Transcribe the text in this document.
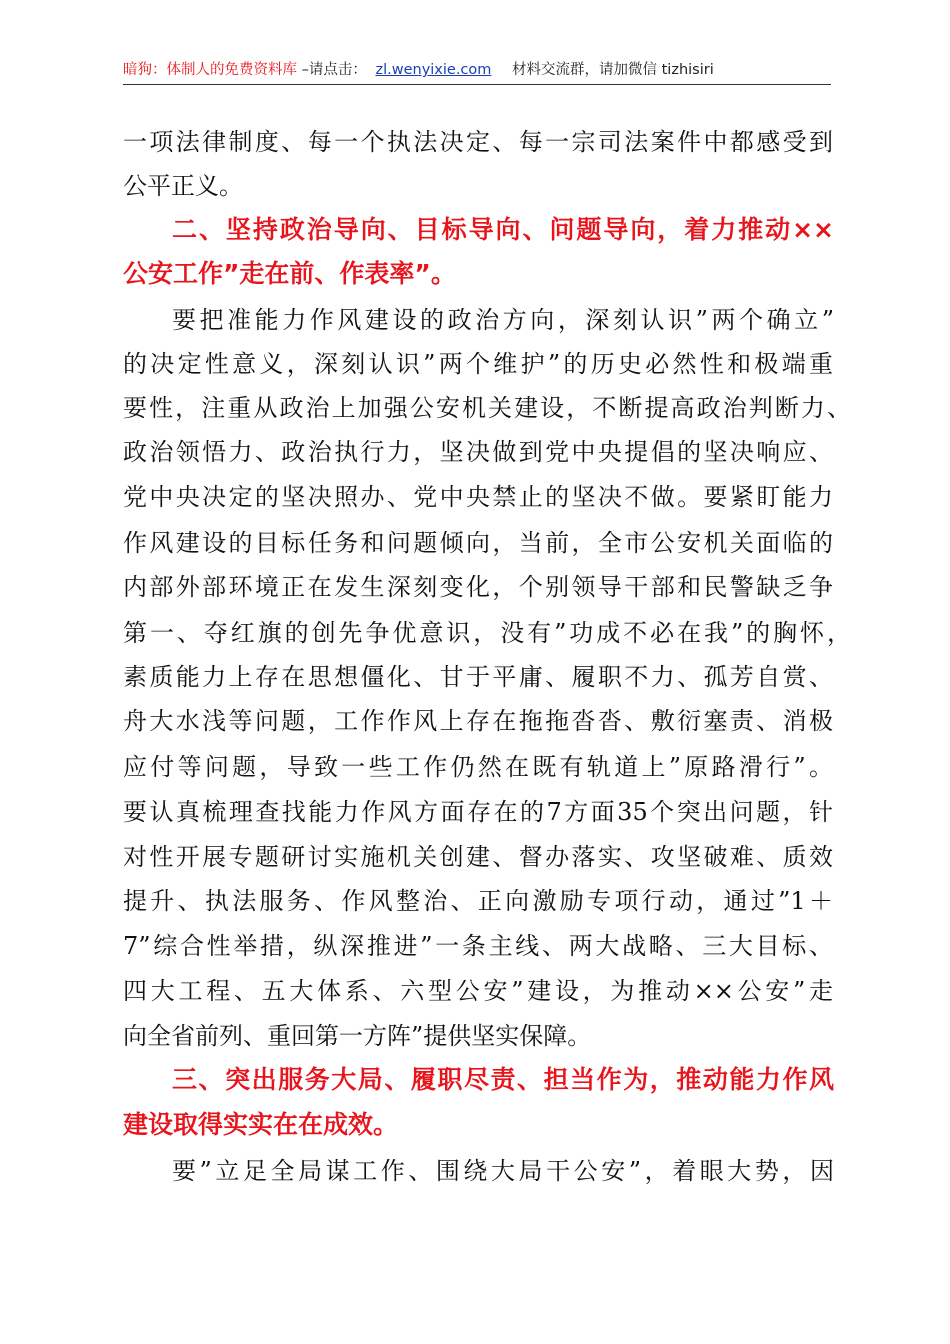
暗狗：体制人的免费资料库 –请点击： zl.wenyixie.com 材料交流群，请加微信 tizhisiri
一项法律制度、每一个执法决定、每一宗司法案件中都感受到
公平正义。
二、坚持政治导向、目标导向、问题导向，着力推动××
公安工作”走在前、作表率”。
要把准能力作风建设的政治方向，深刻认识”两个确立”
的决定性意义，深刻认识”两个维护”的历史必然性和极端重
要性，注重从政治上加强公安机关建设，不断提高政治判断力、
政治领悟力、政治执行力，坚决做到党中央提倡的坚决响应、
党中央决定的坚决照办、党中央禁止的坚决不做。要紧盯能力
作风建设的目标任务和问题倾向，当前，全市公安机关面临的
内部外部环境正在发生深刻变化，个别领导干部和民警缺乏争
第一、夺红旗的创先争优意识，没有”功成不必在我”的胸怀，
素质能力上存在思想僵化、甘于平庸、履职不力、孤芳自赏、
舟大水浅等问题，工作作风上存在拖拖沓沓、敷衍塞责、消极
应付等问题，导致一些工作仍然在既有轨道上”原路滑行”。
要认真梳理查找能力作风方面存在的7方面35个突出问题，针
对性开展专题研讨实施机关创建、督办落实、攻坚破难、质效
提升、执法服务、作风整治、正向激励专项行动，通过”1＋
7”综合性举措，纵深推进”一条主线、两大战略、三大目标、
四大工程、五大体系、六型公安”建设，为推动××公安”走
向全省前列、重回第一方阵”提供坚实保障。
三、突出服务大局、履职尽责、担当作为，推动能力作风
建设取得实实在在成效。
要”立足全局谋工作、围绕大局干公安”，着眼大势，因
